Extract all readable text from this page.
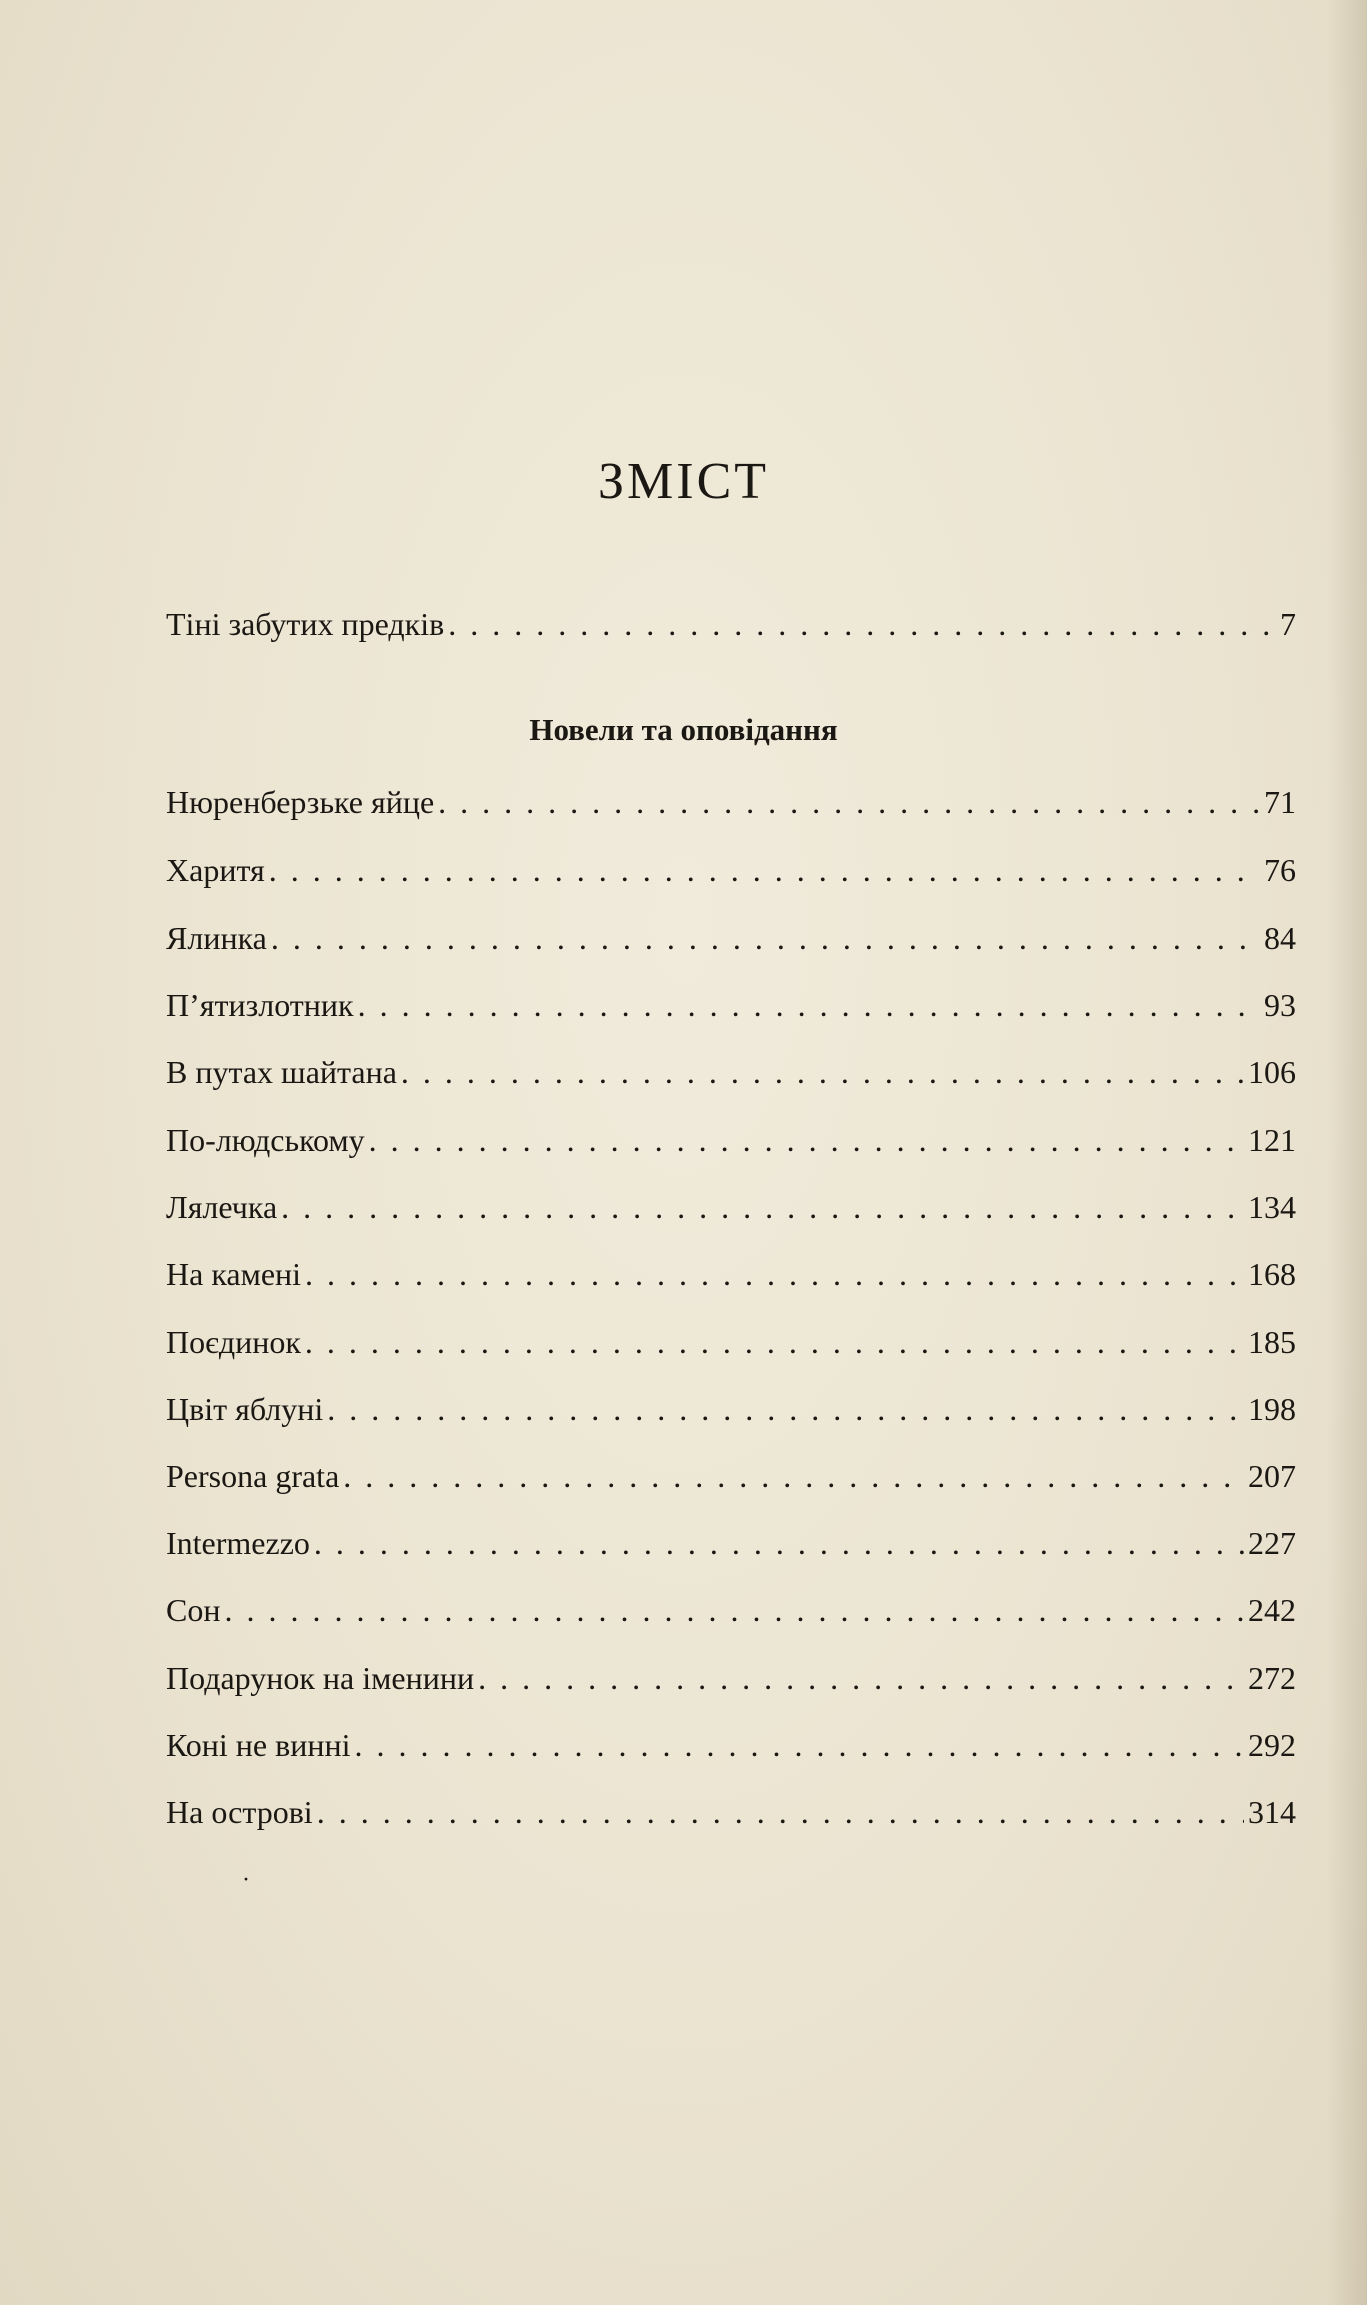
ЗМІСТ
Тіні забутих предків . . .	7
Новели та оповідання
Нюренберзьке яйце . . .	71
Харитя . . .	76
Ялинка . . .	84
П’ятизлотник . . .	93
В путах шайтана . . .	106
По-людському . . .	121
Лялечка . . .	134
На камені . . .	168
Поєдинок . . .	185
Цвіт яблуні . . .	198
Persona grata . . .	207
Intermezzo . . .	227
Сон . . .	242
Подарунок на іменини . . .	272
Коні не винні . . .	292
На острові . . .	314
·
